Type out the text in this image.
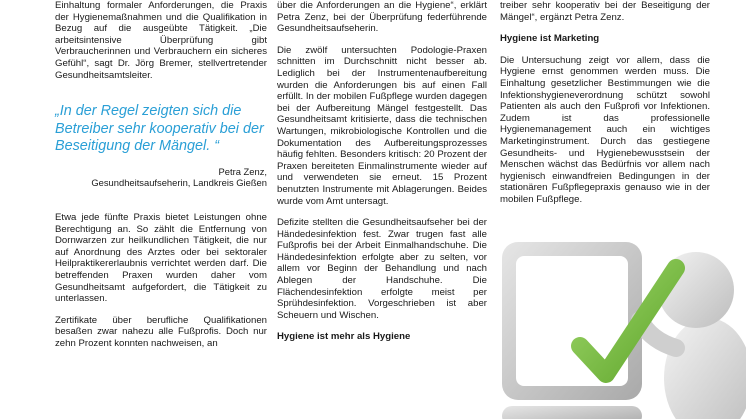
Einhaltung formaler Anforderungen, die Praxis der Hygienemaßnahmen und die Qualifikation in Bezug auf die ausgeübte Tätigkeit. „Die arbeitsintensive Überprüfung gibt Verbraucherinnen und Verbrauchern ein sicheres Gefühl“, sagt Dr. Jörg Bremer, stellvertretender Gesundheitsamtsleiter.

„In der Regel zeigten sich die Betreiber sehr kooperativ bei der Beseitigung der Mängel. “
Petra Zenz,
Gesundheitsaufseherin, Landkreis Gießen

Etwa jede fünfte Praxis bietet Leistungen ohne Berechtigung an. So zählt die Entfernung von Dornwarzen zur heilkundlichen Tätigkeit, die nur auf Anordnung des Arztes oder bei sektoraler Heilpraktikererlaubnis verrichtet werden darf. Die betreffenden Praxen wurden daher vom Gesundheitsamt aufgefordert, die Tätigkeit zu unterlassen.

Zertifikate über berufliche Qualifikationen besaßen zwar nahezu alle Fußprofis. Doch nur zehn Prozent konnten nachweisen, an

über die Anforderungen an die Hygiene“, erklärt Petra Zenz, bei der Überprüfung federführende Gesundheitsaufseherin.

Die zwölf untersuchten Podologie-Praxen schnitten im Durchschnitt nicht besser ab. Lediglich bei der Instrumentenaufbereitung wurden die Anforderungen bis auf einen Fall erfüllt. In der mobilen Fußpflege wurden dagegen bei der Aufbereitung Mängel festgestellt. Das Gesundheitsamt kritisierte, dass die technischen Wartungen, mikrobiologische Kontrollen und die Dokumentation des Aufbereitungsprozesses häufig fehlten. Besonders kritisch: 20 Prozent der Praxen bereiteten Einmalinstrumente wieder auf und verwendeten sie erneut. 15 Prozent benutzten Instrumente mit Ablagerungen. Beides wurde vom Amt untersagt.

Defizite stellten die Gesundheitsaufseher bei der Händedesinfektion fest. Zwar trugen fast alle Fußprofis bei der Arbeit Einmalhandschuhe. Die Händedesinfektion erfolgte aber zu selten, vor allem vor Beginn der Behandlung und nach Ablegen der Handschuhe. Die Flächendesinfektion erfolgte meist per Sprühdesinfektion. Vorgeschrieben ist aber Scheuern und Wischen.

Hygiene ist mehr als Hygiene

treiber sehr kooperativ bei der Beseitigung der Mängel“, ergänzt Petra Zenz.

Hygiene ist Marketing

Die Untersuchung zeigt vor allem, dass die Hygiene ernst genommen werden muss. Die Einhaltung gesetzlicher Bestimmungen wie die Infektionshygieneverordnung schützt sowohl Patienten als auch den Fußprofi vor Infektionen. Zudem ist das professionelle Hygienemanagement auch ein wichtiges Marketinginstrument. Durch das gestiegene Gesundheits- und Hygienebewusstsein der Menschen wächst das Bedürfnis vor allem nach hygienisch einwandfreien Bedingungen in der stationären Fußpflegepraxis genauso wie in der mobilen Fußpflege.
